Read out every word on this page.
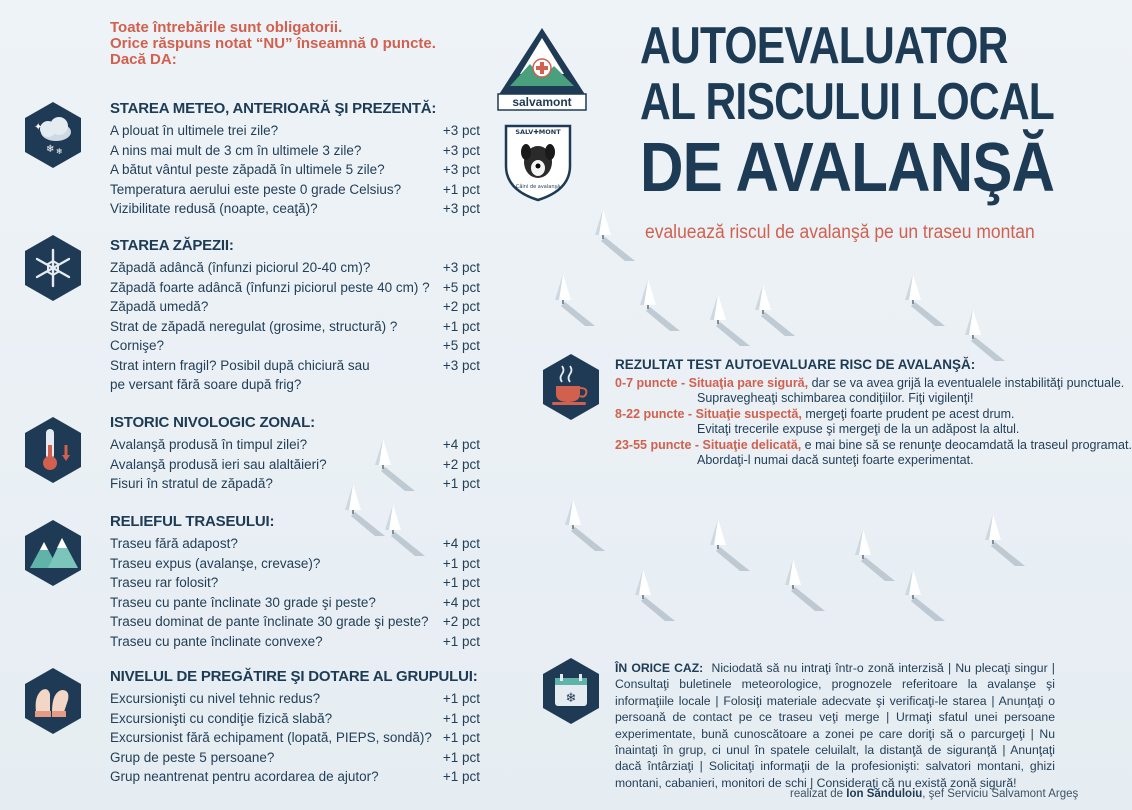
Toate întrebările sunt obligatorii.
Orice răspuns notat “NU” înseamnă 0 puncte.
Dacă DA:
✦
❄ ❄
STAREA METEO, ANTERIOARĂ ŞI PREZENTĂ:
A plouat în ultimele trei zile?	+3 pct
A nins mai mult de 3 cm în ultimele 3 zile?	+3 pct
A bătut vântul peste zăpadă în ultimele 5 zile?	+3 pct
Temperatura aerului este peste 0 grade Celsius?	+1 pct
Vizibilitate redusă (noapte, ceaţă)?	+3 pct
STAREA ZĂPEZII:
Zăpadă adâncă (înfunzi piciorul 20-40 cm)?	+3 pct
Zăpadă foarte adâncă (înfunzi piciorul peste 40 cm) ? +5 pct
Zăpadă umedă?	+2 pct
Strat de zăpadă neregulat (grosime, structură) ?	+1 pct
Cornişe?	+5 pct
Strat intern fragil? Posibil după chiciură sau	+3 pct
pe versant fără soare după frig?
ISTORIC NIVOLOGIC ZONAL:
Avalanşă produsă în timpul zilei?	+4 pct
Avalanşă produsă ieri sau alaltăieri?	+2 pct
Fisuri în stratul de zăpadă?	+1 pct
RELIEFUL TRASEULUI:
Traseu fără adapost?	+4 pct
Traseu expus (avalanşe, crevase)?	+1 pct
Traseu rar folosit?	+1 pct
Traseu cu pante înclinate 30 grade şi peste?	+4 pct
Traseu dominat de pante înclinate 30 grade şi peste? +2 pct
Traseu cu pante înclinate convexe?	+1 pct
NIVELUL DE PREGĂTIRE ŞI DOTARE AL GRUPULUI:
Excursionişti cu nivel tehnic redus?	+1 pct
Excursionişti cu condiţie fizică slabă?	+1 pct
Excursionist fără echipament (lopată, PIEPS, sondă)? +1 pct
Grup de peste 5 persoane?	+1 pct
Grup neantrenat pentru acordarea de ajutor?	+1 pct
salvamont
SALV✚MONT
Câini de avalanşă
AUTOEVALUATOR
AL RISCULUI LOCAL
DE AVALANŞĂ
evaluează riscul de avalanşă pe un traseu montan
REZULTAT TEST AUTOEVALUARE RISC DE AVALANŞĂ:
0-7 puncte - Situaţia pare sigură, dar se va avea grijă la eventualele instabilităţi punctuale.
Supravegheaţi schimbarea condiţiilor. Fiţi vigilenţi!
8-22 puncte - Situaţie suspectă, mergeţi foarte prudent pe acest drum.
Evitaţi trecerile expuse şi mergeţi de la un adăpost la altul.
23-55 puncte - Situaţie delicată, e mai bine să se renunţe deocamdată la traseul programat.
Abordaţi-l numai dacă sunteţi foarte experimentat.
❄
ÎN ORICE CAZ: Niciodată să nu intraţi într-o zonă interzisă | Nu plecaţi singur | Consultaţi buletinele meteorologice, prognozele referitoare la avalanşe şi informaţiile locale | Folosiţi materiale adecvate şi verificaţi-le starea | Anunţaţi o persoană de contact pe ce traseu veţi merge | Urmaţi sfatul unei persoane experimentate, bună cunoscătoare a zonei pe care doriţi să o parcurgeţi | Nu înaintaţi în grup, ci unul în spatele celuilalt, la distanţă de siguranţă | Anunţaţi dacă întârziaţi | Solicitaţi informaţii de la profesionişti: salvatori montani, ghizi montani, cabanieri, monitori de schi | Consideraţi că nu există zonă sigură!
realizat de Ion Sănduloiu, şef Serviciu Salvamont Argeş
